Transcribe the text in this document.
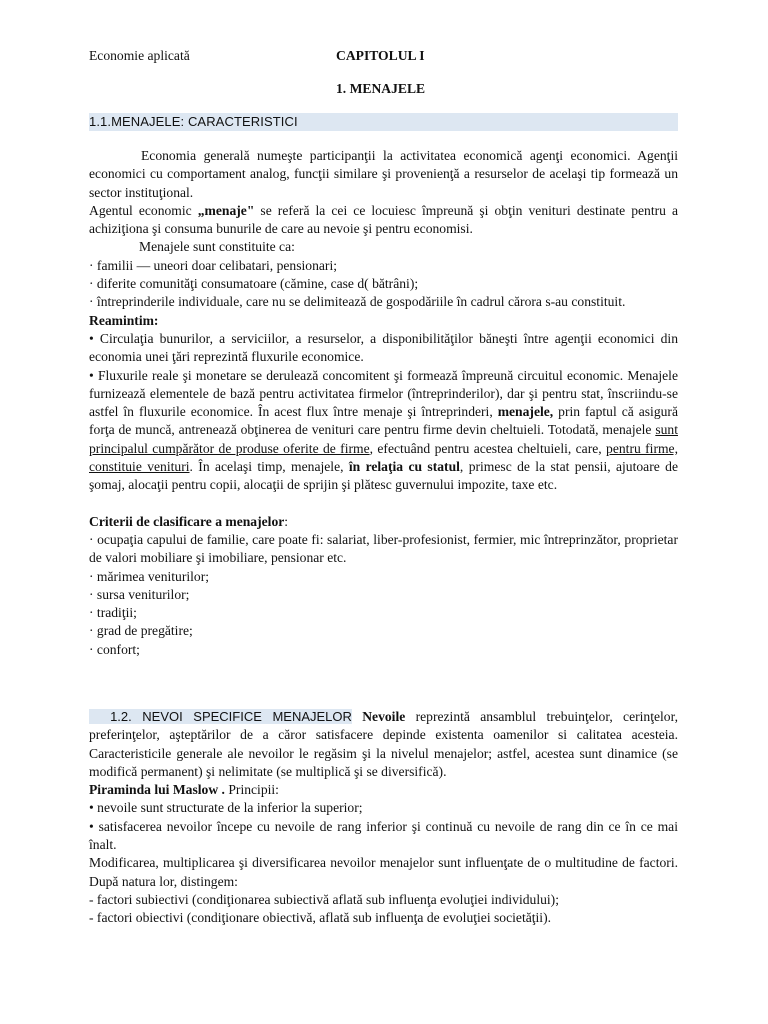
Economie aplicată	CAPITOLUL I
1. MENAJELE
1.1.MENAJELE: CARACTERISTICI

Economia generală numeşte participanţii la activitatea economică agenţi economici. Agenţii economici cu comportament analog, funcţii similare şi provenienţă a resurselor de acelaşi tip formează un sector instituţional.

Agentul economic „menaje" se referă la cei ce locuiesc împreună şi obţin venituri destinate pentru a achiziţiona şi consuma bunurile de care au nevoie şi pentru economisi.

Menajele sunt constituite ca:

· familii — uneori doar celibatari, pensionari;

· diferite comunităţi consumatoare (cămine, case d( bătrâni);

· întreprinderile individuale, care nu se delimitează de gospodăriile în cadrul cărora s-au constituit.

Reamintim:

• Circulaţia bunurilor, a serviciilor, a resurselor, a disponibilităţilor băneşti între agenţii economici din economia unei ţări reprezintă fluxurile economice.

• Fluxurile reale şi monetare se derulează concomitent şi formează împreună circuitul economic. Menajele furnizează elementele de bază pentru activitatea firmelor (întreprinderilor), dar şi pentru stat, înscriindu-se astfel în fluxurile economice. În acest flux între menaje şi întreprinderi, menajele, prin faptul că asigură forţa de muncă, antrenează obţinerea de venituri care pentru firme devin cheltuieli. Totodată, menajele sunt principalul cumpărător de produse oferite de firme, efectuând pentru acestea cheltuieli, care, pentru firme, constituie venituri. În acelaşi timp, menajele, în relaţia cu statul, primesc de la stat pensii, ajutoare de şomaj, alocaţii pentru copii, alocaţii de sprijin şi plătesc guvernului impozite, taxe etc.

Criterii de clasificare a menajelor:

· ocupaţia capului de familie, care poate fi: salariat, liber-profesionist, fermier, mic întreprinzător, proprietar de valori mobiliare şi imobiliare, pensionar etc.

· mărimea veniturilor;

· sursa veniturilor;

· tradiţii;

· grad de pregătire;

· confort;

1.2. NEVOI SPECIFICE MENAJELOR Nevoile reprezintă ansamblul trebuinţelor, cerinţelor, preferinţelor, aşteptărilor de a căror satisfacere depinde existenta oamenilor si calitatea acesteia. Caracteristicile generale ale nevoilor le regăsim şi la nivelul menajelor; astfel, acestea sunt dinamice (se modifică permanent) şi nelimitate (se multiplică şi se diversifică).

Piraminda lui Maslow . Principii:

• nevoile sunt structurate de la inferior la superior;

• satisfacerea nevoilor începe cu nevoile de rang inferior şi continuă cu nevoile de rang din ce în ce mai înalt.

Modificarea, multiplicarea şi diversificarea nevoilor menajelor sunt influenţate de o multitudine de factori. După natura lor, distingem:

- factori subiectivi (condiţionarea subiectivă aflată sub influenţa evoluţiei individului);

- factori obiectivi (condiţionare obiectivă, aflată sub influenţa de evoluţiei societăţii).
